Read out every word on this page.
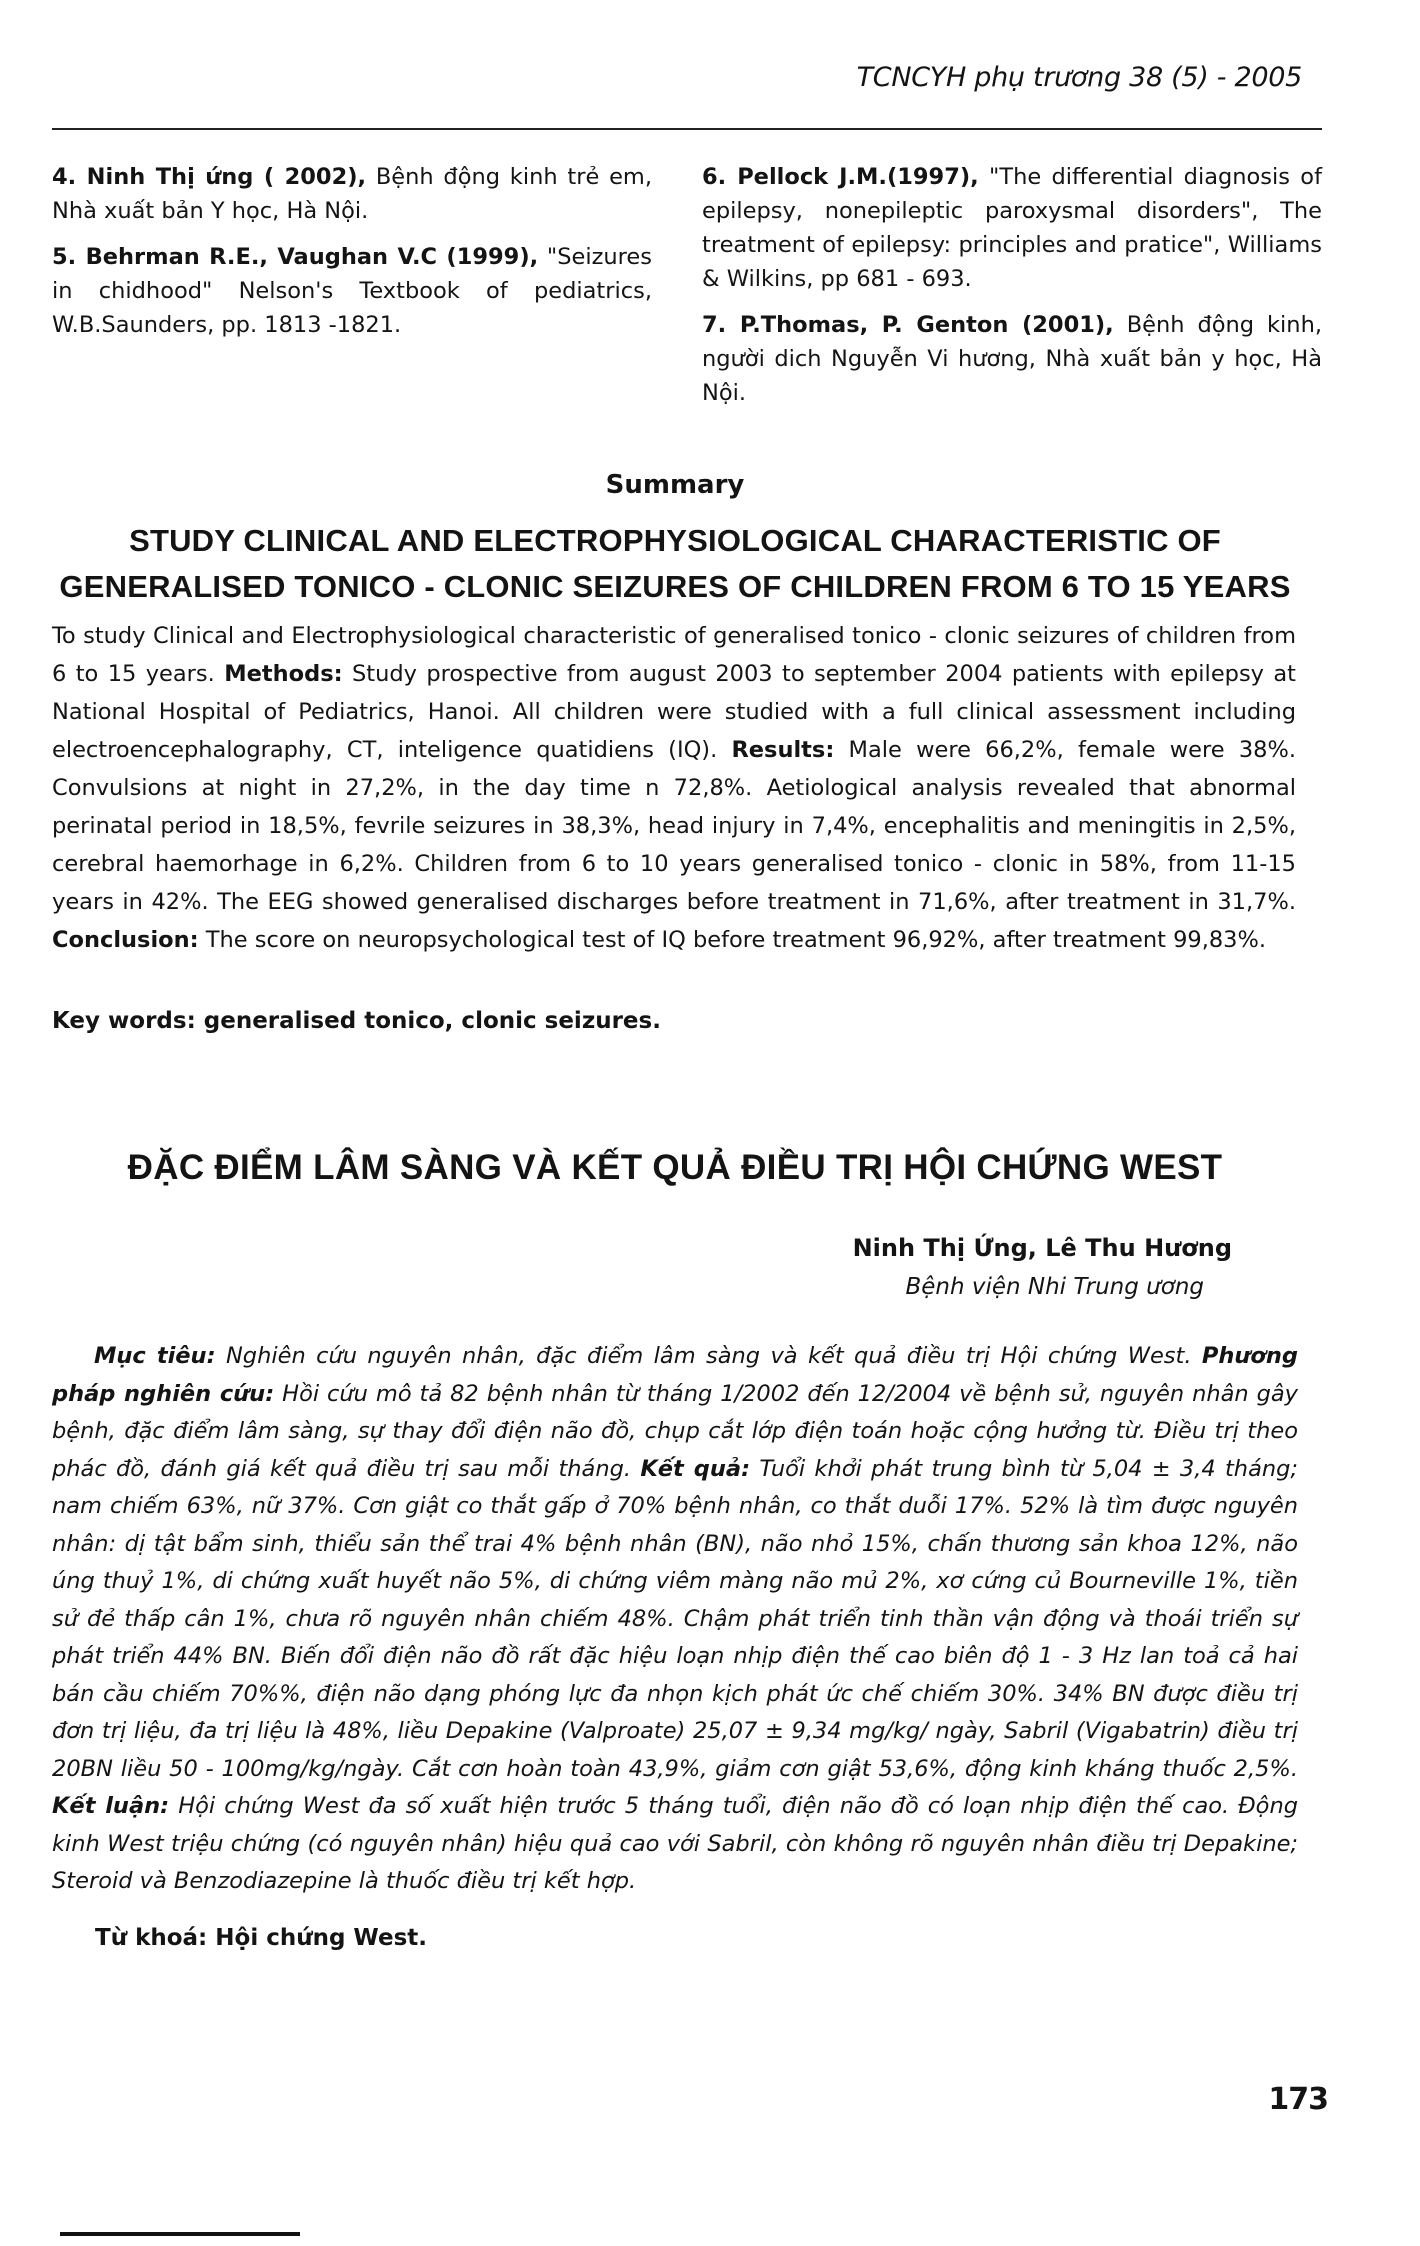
TCNCYH phụ trương 38 (5) - 2005

4. Ninh Thị ứng ( 2002), Bệnh động kinh trẻ em, Nhà xuất bản Y học, Hà Nội.

5. Behrman R.E., Vaughan V.C (1999), "Seizures in chidhood" Nelson's Textbook of pediatrics, W.B.Saunders, pp. 1813 -1821.

6. Pellock J.M.(1997), "The differential diagnosis of epilepsy, nonepileptic paroxysmal disorders", The treatment of epilepsy: principles and pratice", Williams & Wilkins, pp 681 - 693.

7. P.Thomas, P. Genton (2001), Bệnh động kinh, người dich Nguyễn Vi hương, Nhà xuất bản y học, Hà Nội.

Summary
STUDY CLINICAL AND ELECTROPHYSIOLOGICAL CHARACTERISTIC OF
GENERALISED TONICO - CLONIC SEIZURES OF CHILDREN FROM 6 TO 15 YEARS

To study Clinical and Electrophysiological characteristic of generalised tonico - clonic seizures of children from 6 to 15 years. Methods: Study prospective from august 2003 to september 2004 patients with epilepsy at National Hospital of Pediatrics, Hanoi. All children were studied with a full clinical assessment including electroencephalography, CT, inteligence quatidiens (IQ). Results: Male were 66,2%, female were 38%. Convulsions at night in 27,2%, in the day time n 72,8%. Aetiological analysis revealed that abnormal perinatal period in 18,5%, fevrile seizures in 38,3%, head injury in 7,4%, encephalitis and meningitis in 2,5%, cerebral haemorhage in 6,2%. Children from 6 to 10 years generalised tonico - clonic in 58%, from 11-15 years in 42%. The EEG showed generalised discharges before treatment in 71,6%, after treatment in 31,7%. Conclusion: The score on neuropsychological test of IQ before treatment 96,92%, after treatment 99,83%.

Key words: generalised tonico, clonic seizures.
ĐẶC ĐIỂM LÂM SÀNG VÀ KẾT QUẢ ĐIỀU TRỊ HỘI CHỨNG WEST
Ninh Thị Ứng, Lê Thu Hương
Bệnh viện Nhi Trung ương

Mục tiêu: Nghiên cứu nguyên nhân, đặc điểm lâm sàng và kết quả điều trị Hội chứng West. Phương pháp nghiên cứu: Hồi cứu mô tả 82 bệnh nhân từ tháng 1/2002 đến 12/2004 về bệnh sử, nguyên nhân gây bệnh, đặc điểm lâm sàng, sự thay đổi điện não đồ, chụp cắt lớp điện toán hoặc cộng hưởng từ. Điều trị theo phác đồ, đánh giá kết quả điều trị sau mỗi tháng. Kết quả: Tuổi khởi phát trung bình từ 5,04 ± 3,4 tháng; nam chiếm 63%, nữ 37%. Cơn giật co thắt gấp ở 70% bệnh nhân, co thắt duỗi 17%. 52% là tìm được nguyên nhân: dị tật bẩm sinh, thiểu sản thể trai 4% bệnh nhân (BN), não nhỏ 15%, chấn thương sản khoa 12%, não úng thuỷ 1%, di chứng xuất huyết não 5%, di chứng viêm màng não mủ 2%, xơ cứng củ Bourneville 1%, tiền sử đẻ thấp cân 1%, chưa rõ nguyên nhân chiếm 48%. Chậm phát triển tinh thần vận động và thoái triển sự phát triển 44% BN. Biến đổi điện não đồ rất đặc hiệu loạn nhịp điện thế cao biên độ 1 - 3 Hz lan toả cả hai bán cầu chiếm 70%%, điện não dạng phóng lực đa nhọn kịch phát ức chế chiếm 30%. 34% BN được điều trị đơn trị liệu, đa trị liệu là 48%, liều Depakine (Valproate) 25,07 ± 9,34 mg/kg/ ngày, Sabril (Vigabatrin) điều trị 20BN liều 50 - 100mg/kg/ngày. Cắt cơn hoàn toàn 43,9%, giảm cơn giật 53,6%, động kinh kháng thuốc 2,5%. Kết luận: Hội chứng West đa số xuất hiện trước 5 tháng tuổi, điện não đồ có loạn nhịp điện thế cao. Động kinh West triệu chứng (có nguyên nhân) hiệu quả cao với Sabril, còn không rõ nguyên nhân điều trị Depakine; Steroid và Benzodiazepine là thuốc điều trị kết hợp.

Từ khoá: Hội chứng West.
173
